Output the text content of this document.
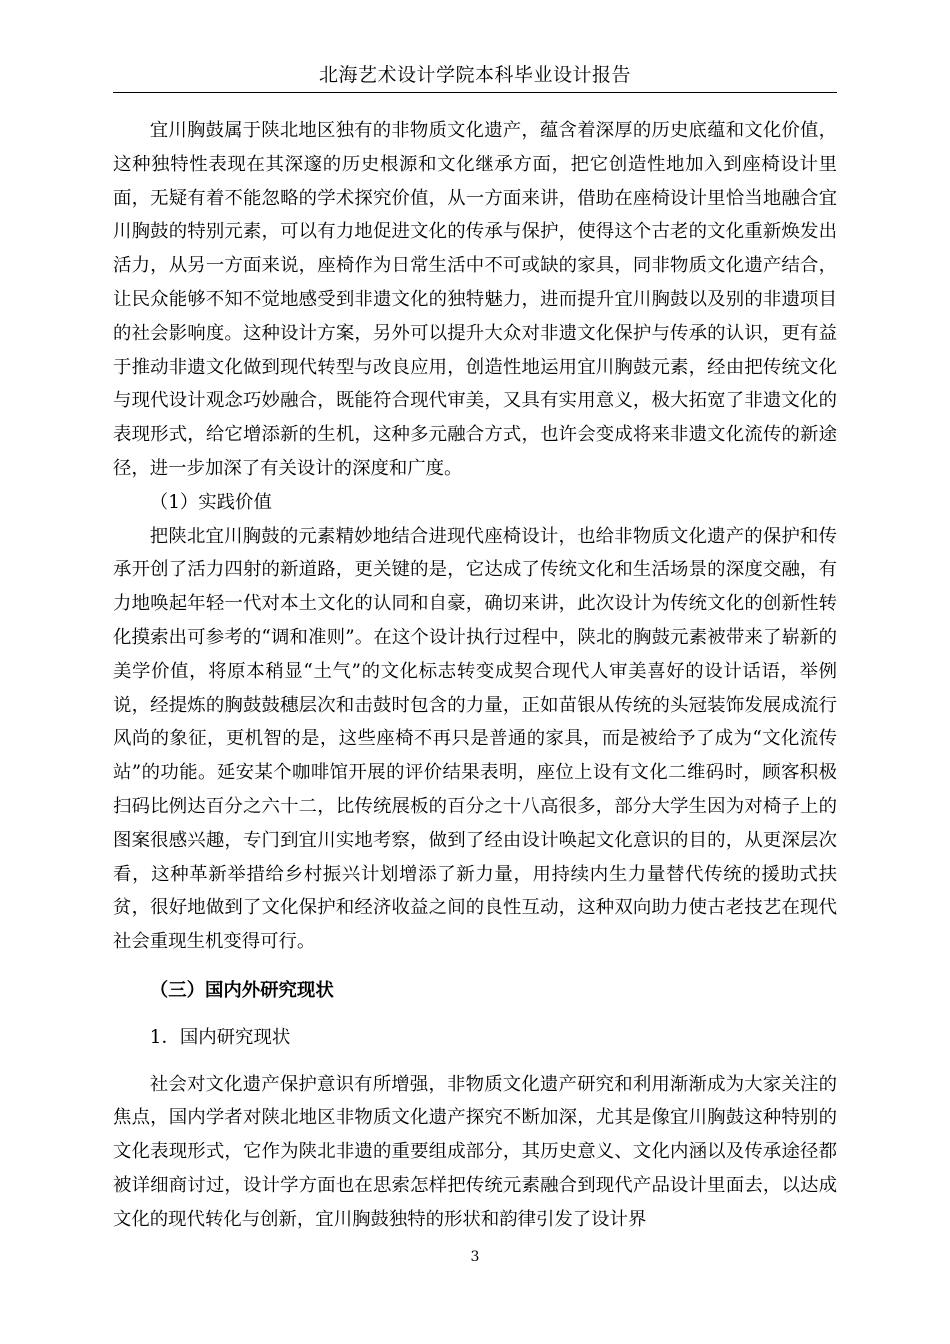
北海艺术设计学院本科毕业设计报告

宜川胸鼓属于陕北地区独有的非物质文化遗产，蕴含着深厚的历史底蕴和文化价值，这种独特性表现在其深邃的历史根源和文化继承方面，把它创造性地加入到座椅设计里面，无疑有着不能忽略的学术探究价值，从一方面来讲，借助在座椅设计里恰当地融合宜川胸鼓的特别元素，可以有力地促进文化的传承与保护，使得这个古老的文化重新焕发出活力，从另一方面来说，座椅作为日常生活中不可或缺的家具，同非物质文化遗产结合，让民众能够不知不觉地感受到非遗文化的独特魅力，进而提升宜川胸鼓以及别的非遗项目的社会影响度。这种设计方案，另外可以提升大众对非遗文化保护与传承的认识，更有益于推动非遗文化做到现代转型与改良应用，创造性地运用宜川胸鼓元素，经由把传统文化与现代设计观念巧妙融合，既能符合现代审美，又具有实用意义，极大拓宽了非遗文化的表现形式，给它增添新的生机，这种多元融合方式，也许会变成将来非遗文化流传的新途径，进一步加深了有关设计的深度和广度。

（1）实践价值

把陕北宜川胸鼓的元素精妙地结合进现代座椅设计，也给非物质文化遗产的保护和传承开创了活力四射的新道路，更关键的是，它达成了传统文化和生活场景的深度交融，有力地唤起年轻一代对本土文化的认同和自豪，确切来讲，此次设计为传统文化的创新性转化摸索出可参考的“调和准则”。在这个设计执行过程中，陕北的胸鼓元素被带来了崭新的美学价值，将原本稍显“土气”的文化标志转变成契合现代人审美喜好的设计话语，举例说，经提炼的胸鼓鼓穗层次和击鼓时包含的力量，正如苗银从传统的头冠装饰发展成流行风尚的象征，更机智的是，这些座椅不再只是普通的家具，而是被给予了成为“文化流传站”的功能。延安某个咖啡馆开展的评价结果表明，座位上设有文化二维码时，顾客积极扫码比例达百分之六十二，比传统展板的百分之十八高很多，部分大学生因为对椅子上的图案很感兴趣，专门到宜川实地考察，做到了经由设计唤起文化意识的目的，从更深层次看，这种革新举措给乡村振兴计划增添了新力量，用持续内生力量替代传统的援助式扶贫，很好地做到了文化保护和经济收益之间的良性互动，这种双向助力使古老技艺在现代社会重现生机变得可行。

（三）国内外研究现状

1．国内研究现状

社会对文化遗产保护意识有所增强，非物质文化遗产研究和利用渐渐成为大家关注的焦点，国内学者对陕北地区非物质文化遗产探究不断加深，尤其是像宜川胸鼓这种特别的文化表现形式，它作为陕北非遗的重要组成部分，其历史意义、文化内涵以及传承途径都被详细商讨过，设计学方面也在思索怎样把传统元素融合到现代产品设计里面去，以达成文化的现代转化与创新，宜川胸鼓独特的形状和韵律引发了设计界

3
